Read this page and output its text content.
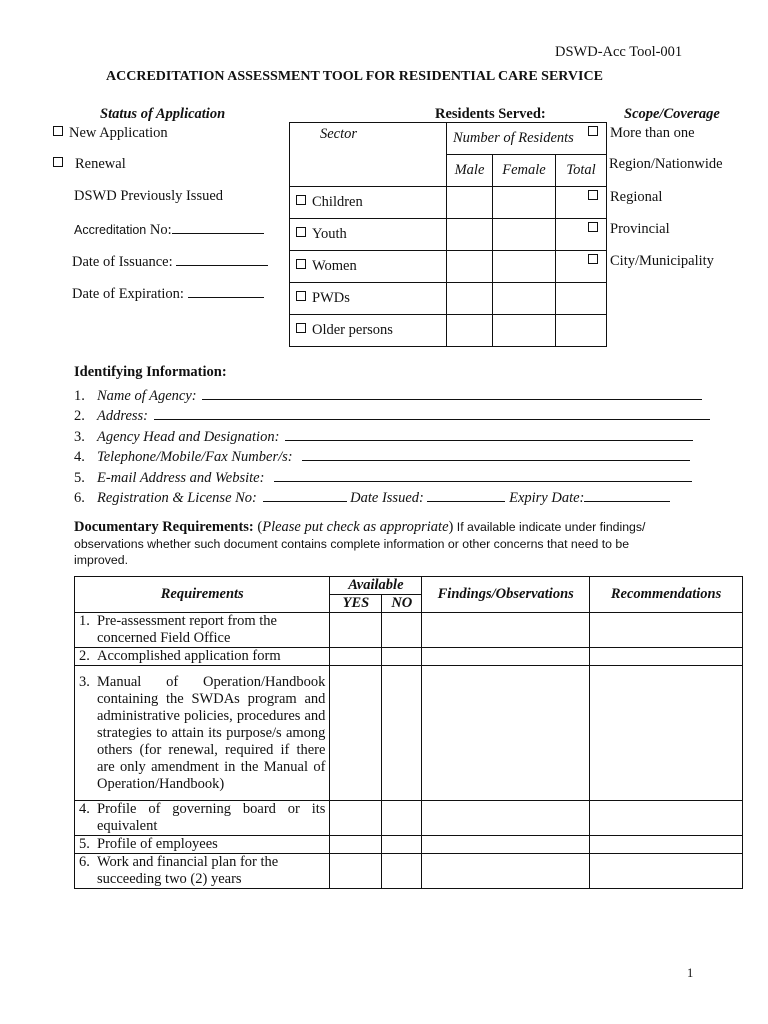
DSWD-Acc Tool-001
ACCREDITATION ASSESSMENT TOOL FOR RESIDENTIAL CARE SERVICE
Status of Application
New Application
Renewal
DSWD Previously Issued
Accreditation No:
Date of Issuance:
Date of Expiration:
Residents Served:
Sector	Number of Residents		
	Male	Female	Total
Children			
Youth			
Women			
PWDs			
Older persons			
Scope/Coverage
More than one
Region/Nationwide
Regional
Provincial
City/Municipality
Identifying Information:
1. Name of Agency:
2. Address:
3. Agency Head and Designation:
4. Telephone/Mobile/Fax Number/s:
5. E-mail Address and Website:
6. Registration & License No:	Date Issued:	Expiry Date:
Documentary Requirements: (Please put check as appropriate) If available indicate under findings/
observations whether such document contains complete information or other concerns that need to be
improved.
Requirements	Available		Findings/Observations	Recommendations
	YES	NO		

1. Pre-assessment report from the concerned Field Office				

2. Accomplished application form				

3. Manual of Operation/Handbook containing the SWDAs program and administrative policies, procedures and strategies to attain its purpose/s among others (for renewal, required if there are only amendment in the Manual of Operation/Handbook)				

4. Profile of governing board or its equivalent				

5. Profile of employees				

6. Work and financial plan for the succeeding two (2) years				

1
